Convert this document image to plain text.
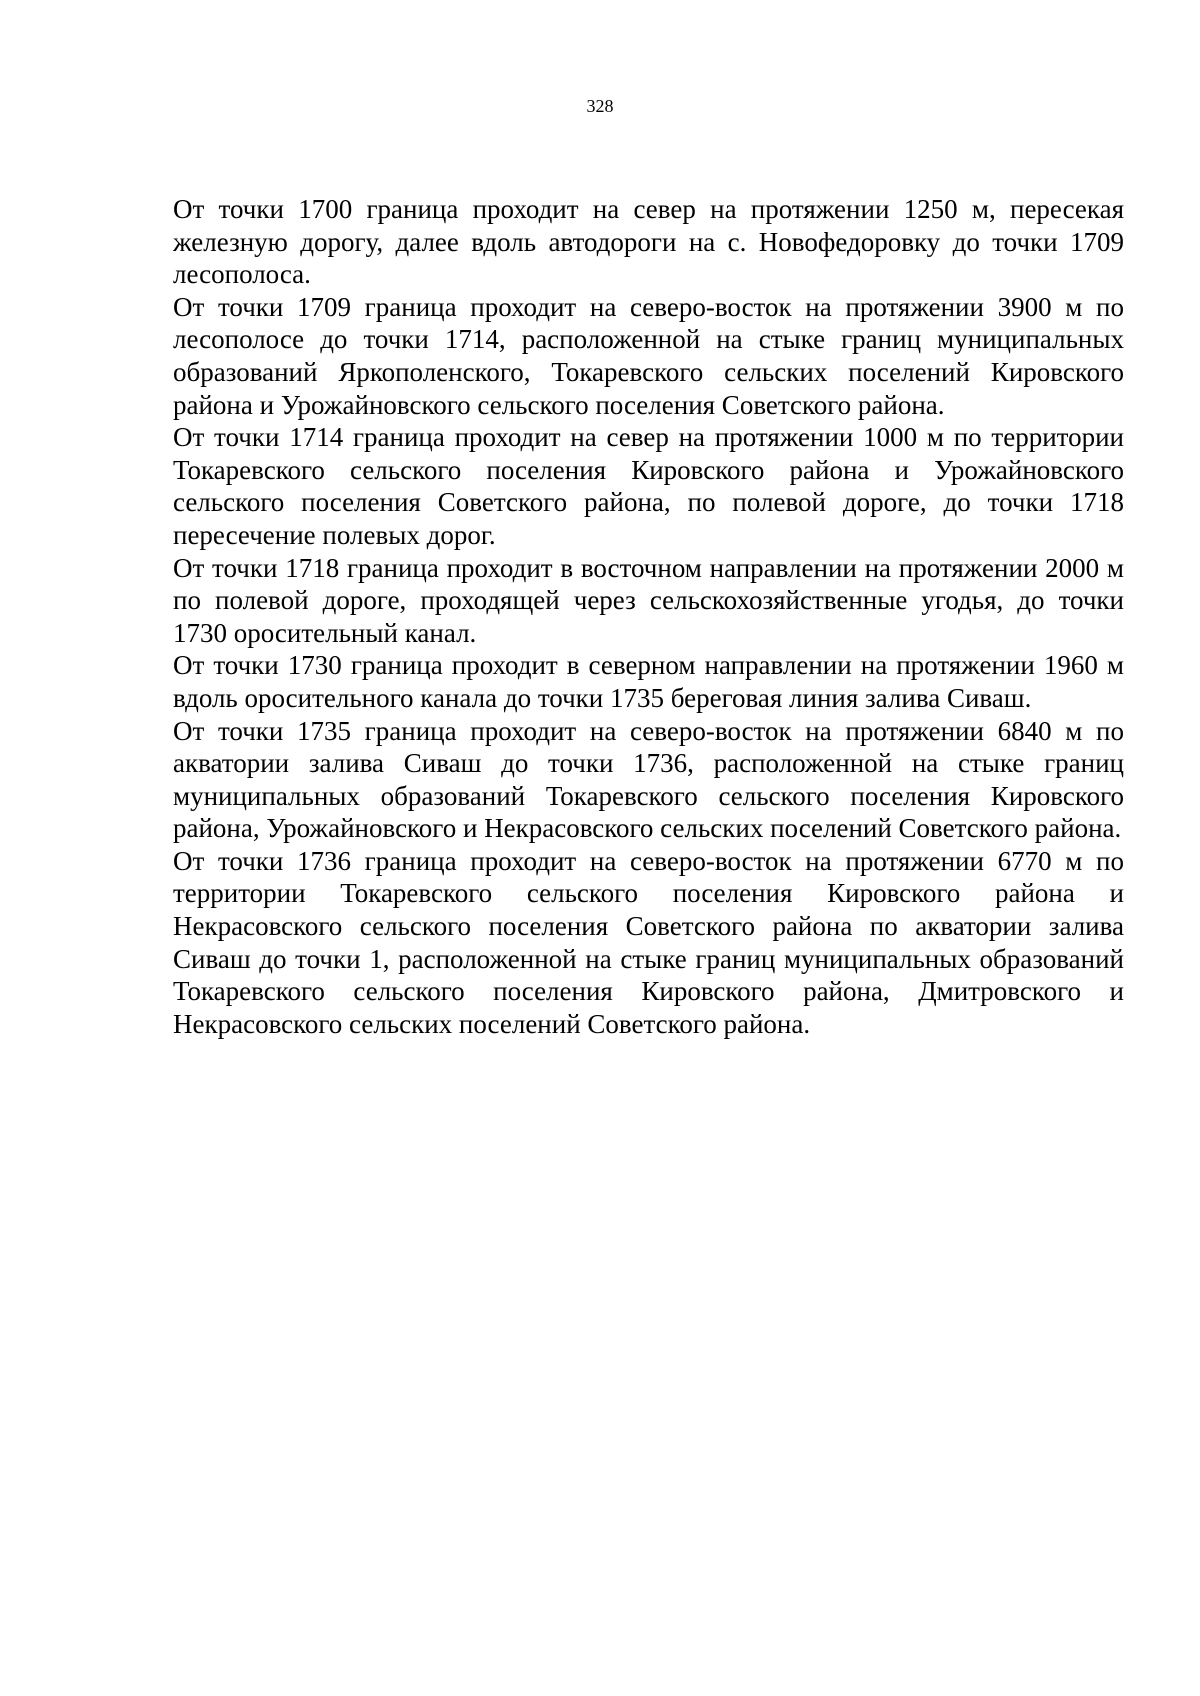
328

От точки 1700 граница проходит на север на протяжении 1250 м, пересекая железную дорогу, далее вдоль автодороги на с. Новофедоровку до точки 1709 лесополоса.

От точки 1709 граница проходит на северо-восток на протяжении 3900 м по лесополосе до точки 1714, расположенной на стыке границ муниципальных образований Яркополенского, Токаревского сельских поселений Кировского района и Урожайновского сельского поселения Советского района.

От точки 1714 граница проходит на север на протяжении 1000 м по территории Токаревского сельского поселения Кировского района и Урожайновского сельского поселения Советского района, по полевой дороге, до точки 1718 пересечение полевых дорог.

От точки 1718 граница проходит в восточном направлении на протяжении 2000 м по полевой дороге, проходящей через сельскохозяйственные угодья, до точки 1730 оросительный канал.

От точки 1730 граница проходит в северном направлении на протяжении 1960 м вдоль оросительного канала до точки 1735 береговая линия залива Сиваш.

От точки 1735 граница проходит на северо-восток на протяжении 6840 м по акватории залива Сиваш до точки 1736, расположенной на стыке границ муниципальных образований Токаревского сельского поселения Кировского района, Урожайновского и Некрасовского сельских поселений Советского района.

От точки 1736 граница проходит на северо-восток на протяжении 6770 м по территории Токаревского сельского поселения Кировского района и Некрасовского сельского поселения Советского района по акватории залива Сиваш до точки 1, расположенной на стыке границ муниципальных образований Токаревского сельского поселения Кировского района, Дмитровского и Некрасовского сельских поселений Советского района.
